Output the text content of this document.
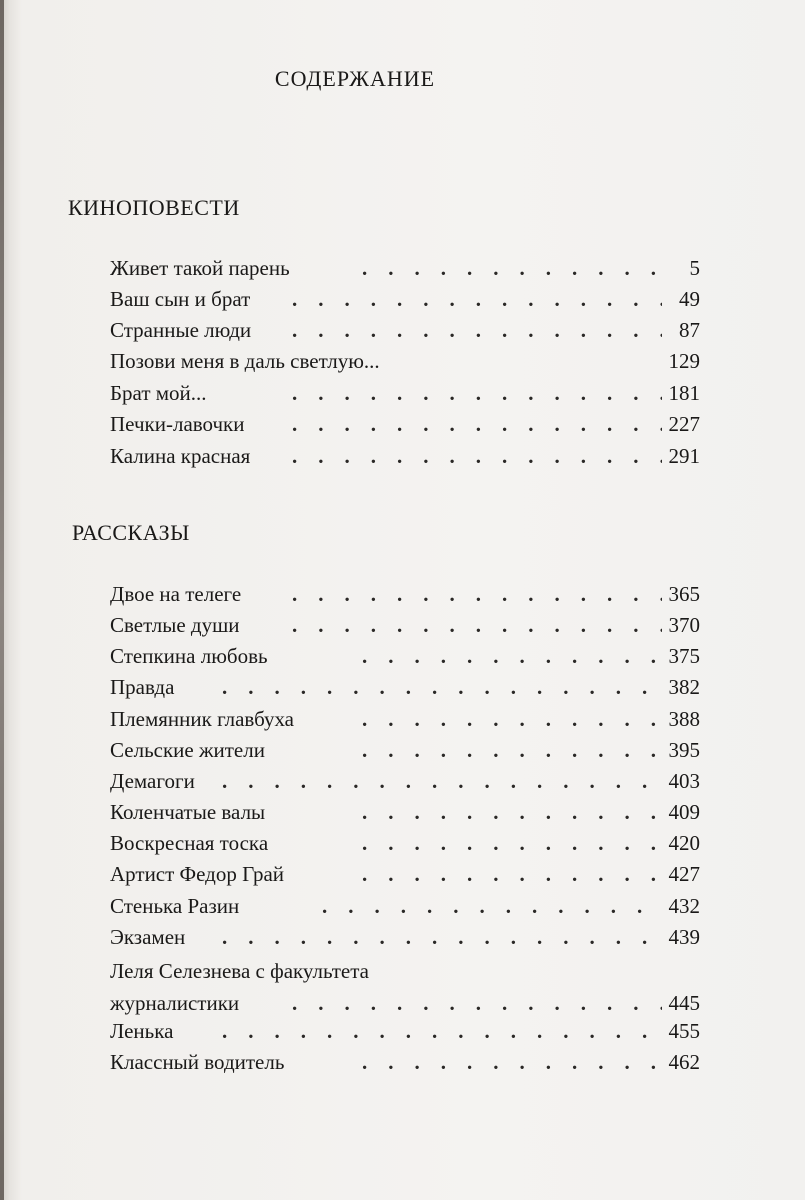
СОДЕРЖАНИЕ
КИНОПОВЕСТИ
Живет такой парень .	5
Ваш сын и брат .	49
Странные люди .	87
Позови меня в даль светлую...	129
Брат мой... .	181
Печки-лавочки .	227
Калина красная .	291
РАССКАЗЫ
Двое на телеге .	365
Светлые души .	370
Степкина любовь .	375
Правда .	382
Племянник главбуха .	388
Сельские жители .	395
Демагоги .	403
Коленчатые валы .	409
Воскресная тоска .	420
Артист Федор Грай .	427
Стенька Разин .	432
Экзамен .	439
Леля Селезнева с факультета
журналистики .	445
Ленька .	455
Классный водитель .	462
